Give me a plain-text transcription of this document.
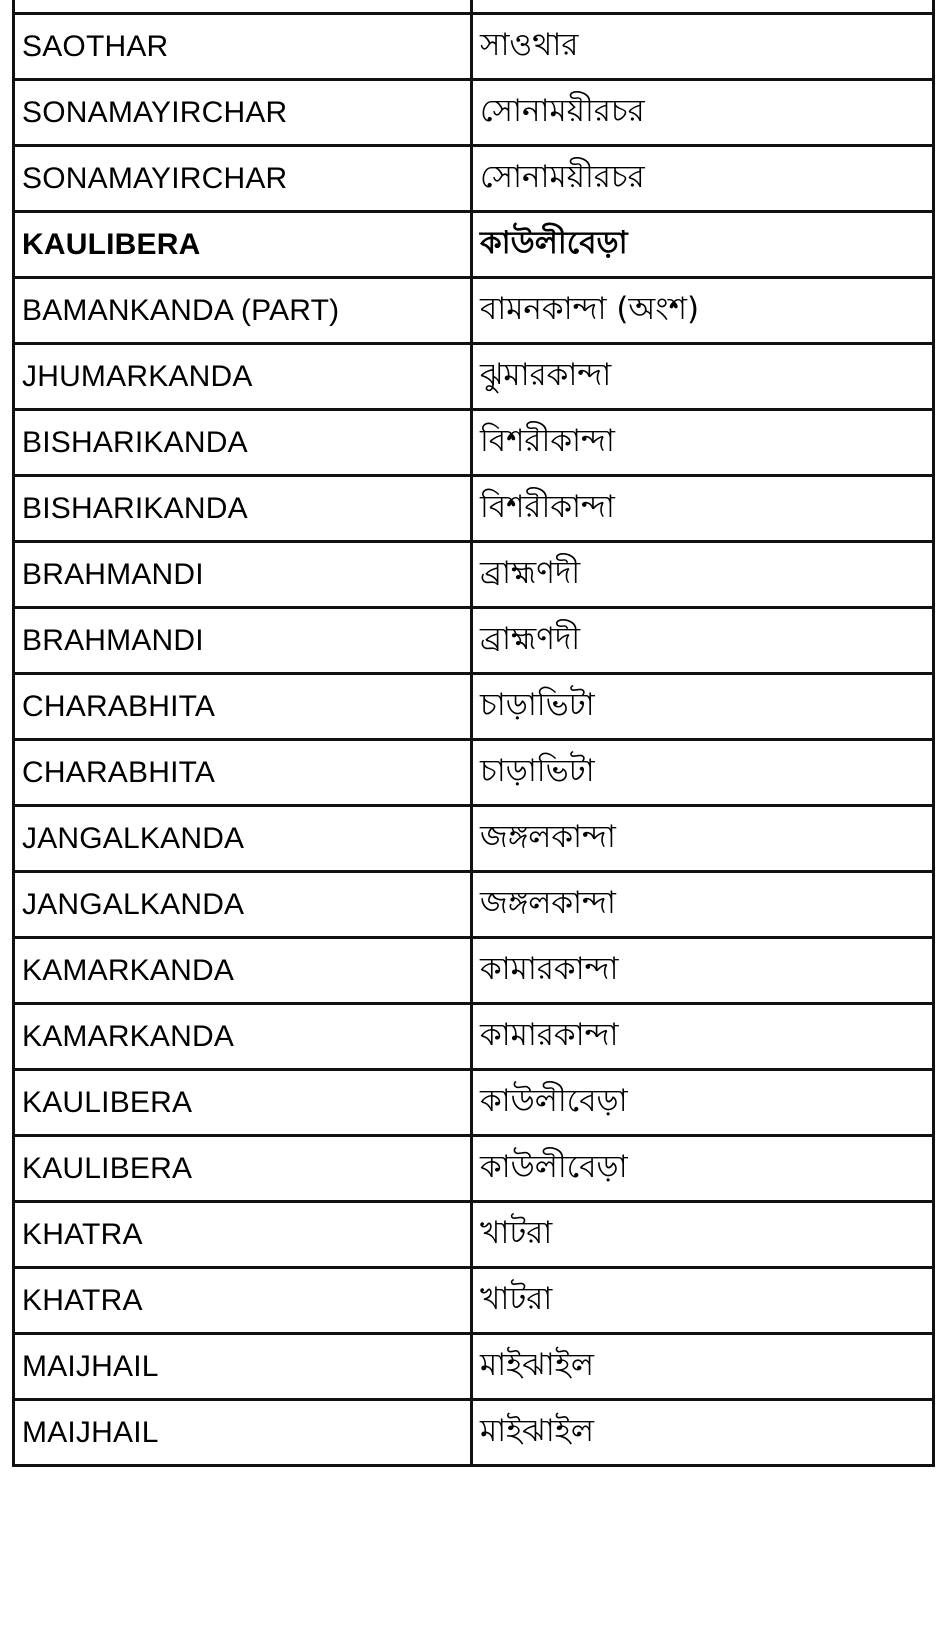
SAOTHAR	সাওথার
SONAMAYIRCHAR	সোনাময়ীরচর
SONAMAYIRCHAR	সোনাময়ীরচর
KAULIBERA	কাউলীবেড়া
BAMANKANDA (PART)	বামনকান্দা (অংশ)
JHUMARKANDA	ঝুমারকান্দা
BISHARIKANDA	বিশরীকান্দা
BISHARIKANDA	বিশরীকান্দা
BRAHMANDI	ব্রাহ্মণদী
BRAHMANDI	ব্রাহ্মণদী
CHARABHITA	চাড়াভিটা
CHARABHITA	চাড়াভিটা
JANGALKANDA	জঙ্গলকান্দা
JANGALKANDA	জঙ্গলকান্দা
KAMARKANDA	কামারকান্দা
KAMARKANDA	কামারকান্দা
KAULIBERA	কাউলীবেড়া
KAULIBERA	কাউলীবেড়া
KHATRA	খাটরা
KHATRA	খাটরা
MAIJHAIL	মাইঝাইল
MAIJHAIL	মাইঝাইল
